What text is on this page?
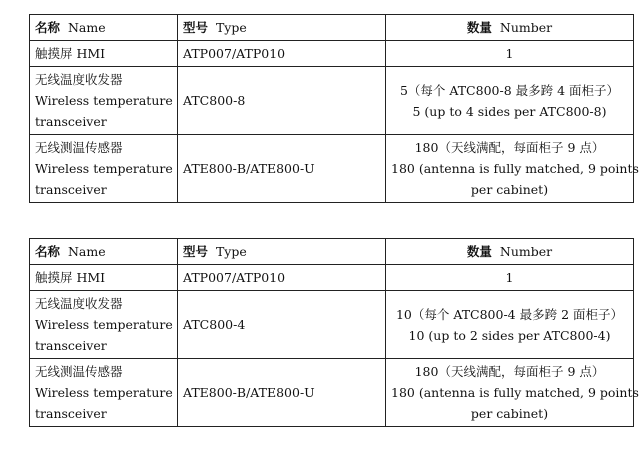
名称 Name	型号 Type	数量 Number

触摸屏 HMI	ATP007/ATP010	1

无线温度收发器
Wireless temperature
transceiver	ATC800-8	5（每个 ATC800-8 最多跨 4 面柜子）
5 (up to 4 sides per ATC800-8)

无线测温传感器
Wireless temperature
transceiver	ATE800-B/ATE800-U	180（天线满配，每面柜子 9 点）
180 (antenna is fully matched, 9 points
per cabinet)
名称 Name	型号 Type	数量 Number

触摸屏 HMI	ATP007/ATP010	1

无线温度收发器
Wireless temperature
transceiver	ATC800-4	10（每个 ATC800-4 最多跨 2 面柜子）
10 (up to 2 sides per ATC800-4)

无线测温传感器
Wireless temperature
transceiver	ATE800-B/ATE800-U	180（天线满配，每面柜子 9 点）
180 (antenna is fully matched, 9 points
per cabinet)
